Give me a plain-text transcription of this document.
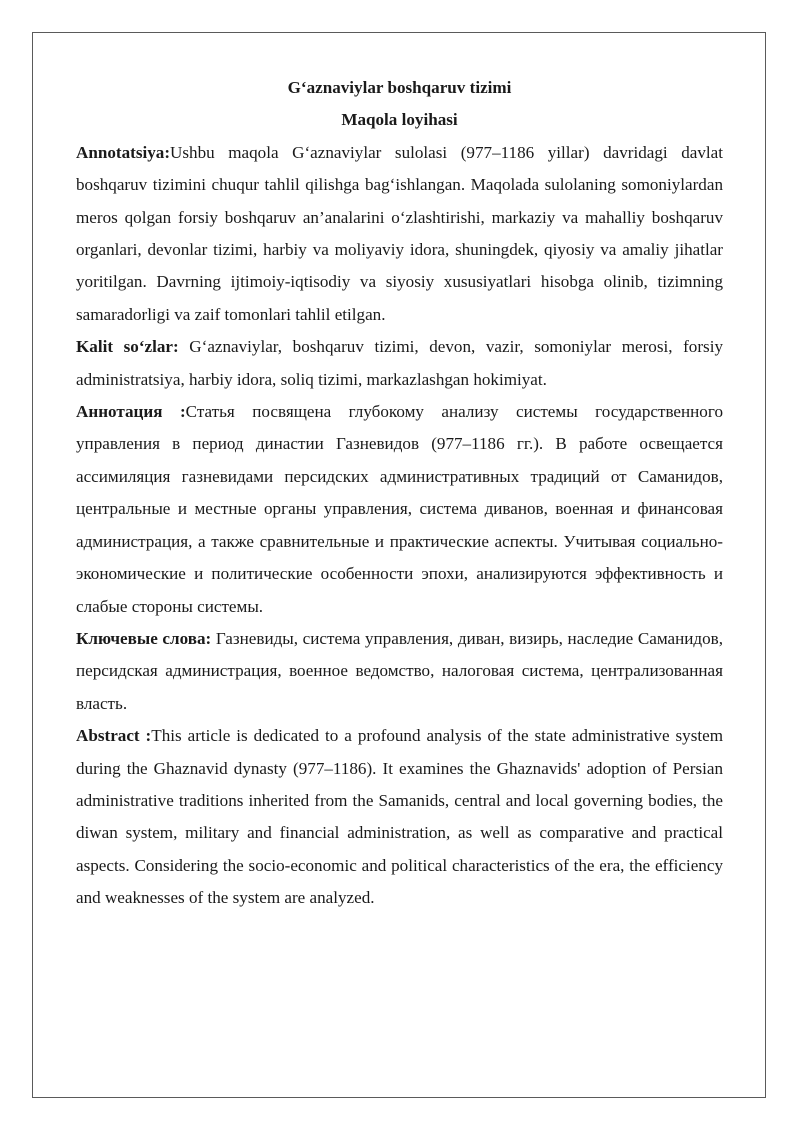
G‘aznaviylar boshqaruv tizimi

Maqola loyihasi

Annotatsiya:Ushbu maqola G‘aznaviylar sulolasi (977–1186 yillar) davridagi davlat boshqaruv tizimini chuqur tahlil qilishga bag‘ishlangan. Maqolada sulolaning somoniylardan meros qolgan forsiy boshqaruv an’analarini o‘zlashtirishi, markaziy va mahalliy boshqaruv organlari, devonlar tizimi, harbiy va moliyaviy idora, shuningdek, qiyosiy va amaliy jihatlar yoritilgan. Davrning ijtimoiy-iqtisodiy va siyosiy xususiyatlari hisobga olinib, tizimning samaradorligi va zaif tomonlari tahlil etilgan.

Kalit so‘zlar: G‘aznaviylar, boshqaruv tizimi, devon, vazir, somoniylar merosi, forsiy administratsiya, harbiy idora, soliq tizimi, markazlashgan hokimiyat.

Аннотация :Статья посвящена глубокому анализу системы государственного управления в период династии Газневидов (977–1186 гг.). В работе освещается ассимиляция газневидами персидских административных традиций от Саманидов, центральные и местные органы управления, система диванов, военная и финансовая администрация, а также сравнительные и практические аспекты. Учитывая социально-экономические и политические особенности эпохи, анализируются эффективность и слабые стороны системы.

Ключевые слова: Газневиды, система управления, диван, визирь, наследие Саманидов, персидская администрация, военное ведомство, налоговая система, централизованная власть.

Abstract :This article is dedicated to a profound analysis of the state administrative system during the Ghaznavid dynasty (977–1186). It examines the Ghaznavids' adoption of Persian administrative traditions inherited from the Samanids, central and local governing bodies, the diwan system, military and financial administration, as well as comparative and practical aspects. Considering the socio-economic and political characteristics of the era, the efficiency and weaknesses of the system are analyzed.
